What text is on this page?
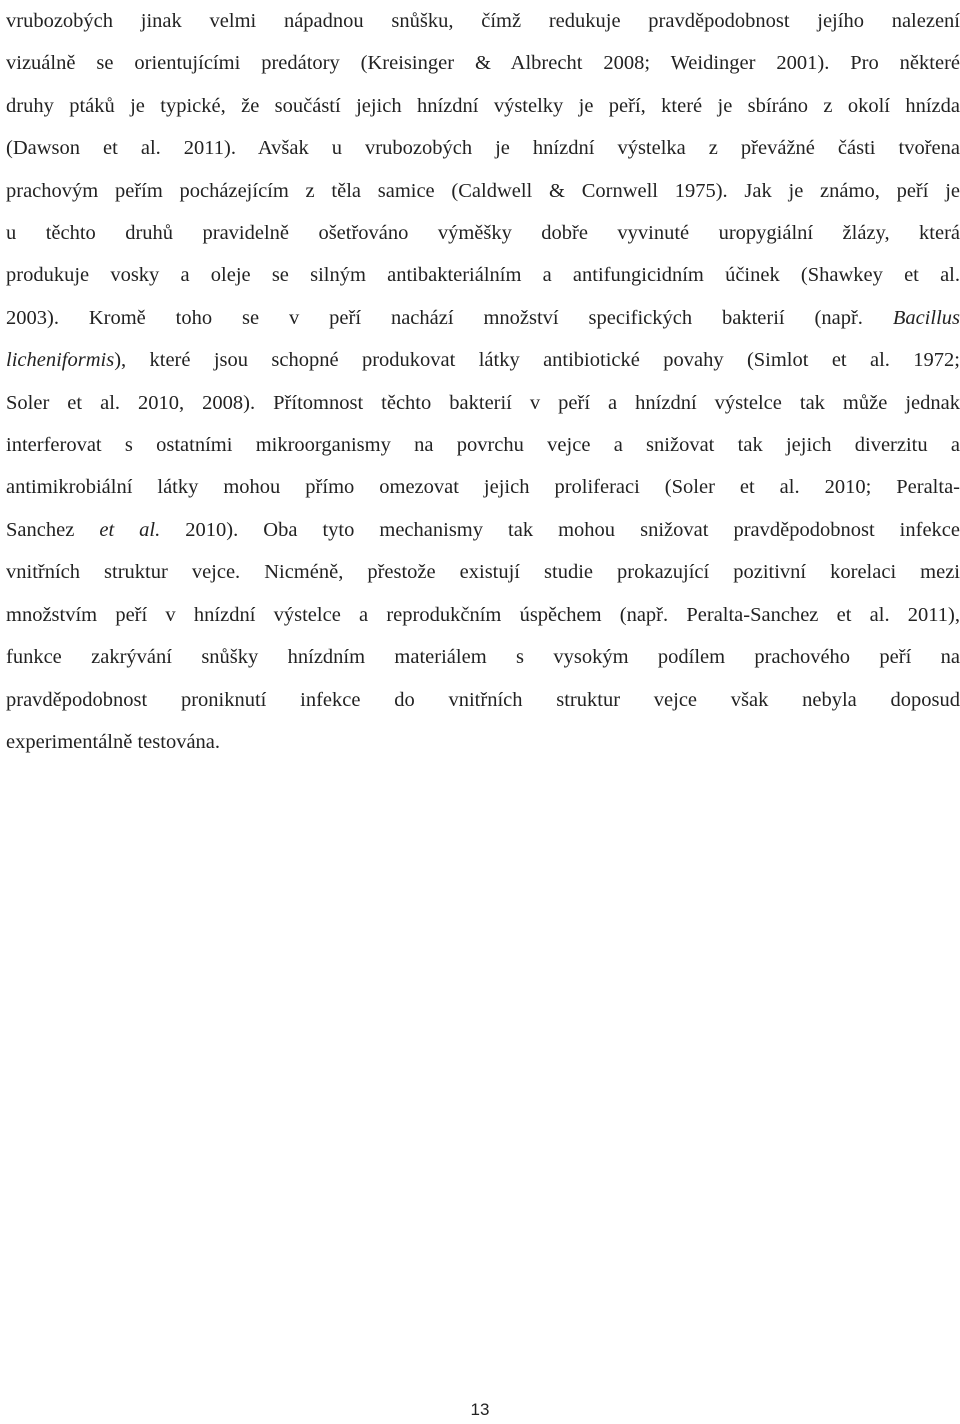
vrubozobých jinak velmi nápadnou snůšku, čímž redukuje pravděpodobnost jejího nalezení
vizuálně se orientujícími predátory (Kreisinger & Albrecht 2008; Weidinger 2001). Pro některé
druhy ptáků je typické, že součástí jejich hnízdní výstelky je peří, které je sbíráno z okolí hnízda
(Dawson et al. 2011). Avšak u vrubozobých je hnízdní výstelka z převážné části tvořena
prachovým peřím pocházejícím z těla samice (Caldwell & Cornwell 1975). Jak je známo, peří je
u těchto druhů pravidelně ošetřováno výměšky dobře vyvinuté uropygiální žlázy, která
produkuje vosky a oleje se silným antibakteriálním a antifungicidním účinek (Shawkey et al.
2003). Kromě toho se v peří nachází množství specifických bakterií (např. Bacillus
licheniformis), které jsou schopné produkovat látky antibiotické povahy (Simlot et al. 1972;
Soler et al. 2010, 2008). Přítomnost těchto bakterií v peří a hnízdní výstelce tak může jednak
interferovat s ostatními mikroorganismy na povrchu vejce a snižovat tak jejich diverzitu a
antimikrobiální látky mohou přímo omezovat jejich proliferaci (Soler et al. 2010; Peralta-
Sanchez et al. 2010). Oba tyto mechanismy tak mohou snižovat pravděpodobnost infekce
vnitřních struktur vejce. Nicméně, přestože existují studie prokazující pozitivní korelaci mezi
množstvím peří v hnízdní výstelce a reprodukčním úspěchem (např. Peralta-Sanchez et al. 2011),
funkce zakrývání snůšky hnízdním materiálem s vysokým podílem prachového peří na
pravděpodobnost proniknutí infekce do vnitřních struktur vejce však nebyla doposud
experimentálně testována.
13
